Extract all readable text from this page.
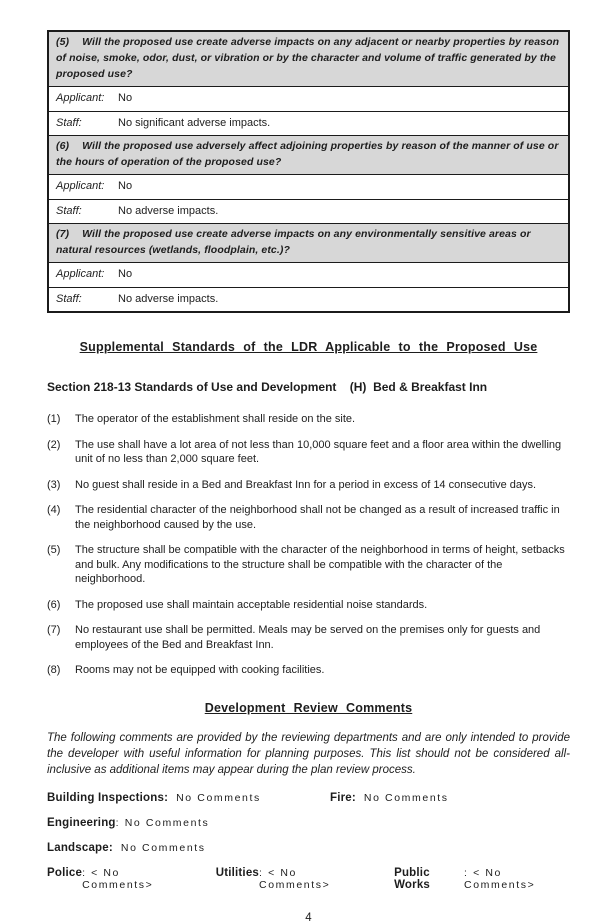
(5) Will the proposed use create adverse impacts on any adjacent or nearby properties by reason of noise, smoke, odor, dust, or vibration or by the character and volume of traffic generated by the proposed use?
Applicant:	No
Staff:	No significant adverse impacts.
(6) Will the proposed use adversely affect adjoining properties by reason of the manner of use or the hours of operation of the proposed use?
Applicant:	No
Staff:	No adverse impacts.
(7) Will the proposed use create adverse impacts on any environmentally sensitive areas or natural resources (wetlands, floodplain, etc.)?
Applicant:	No
Staff:	No adverse impacts.
Supplemental Standards of the LDR Applicable to the Proposed Use
Section 218-13 Standards of Use and Development    (H)  Bed & Breakfast Inn
(1)	The operator of the establishment shall reside on the site.
(2)	The use shall have a lot area of not less than 10,000 square feet and a floor area within the dwelling unit of no less than 2,000 square feet.
(3)	No guest shall reside in a Bed and Breakfast Inn for a period in excess of 14 consecutive days.
(4)	The residential character of the neighborhood shall not be changed as a result of increased traffic in the neighborhood caused by the use.
(5)	The structure shall be compatible with the character of the neighborhood in terms of height, setbacks and bulk. Any modifications to the structure shall be compatible with the character of the neighborhood.
(6)	The proposed use shall maintain acceptable residential noise standards.
(7)	No restaurant use shall be permitted. Meals may be served on the premises only for guests and employees of the Bed and Breakfast Inn.
(8)	Rooms may not be equipped with cooking facilities.
Development Review Comments
The following comments are provided by the reviewing departments and are only intended to provide the developer with useful information for planning purposes. This list should not be considered all-inclusive as additional items may appear during the plan review process.
Building Inspections: No Comments	Fire: No Comments
Engineering : No Comments
Landscape: No Comments
Police : < No Comments>
Utilities : < No Comments>
Public Works
: < No Comments>
4
